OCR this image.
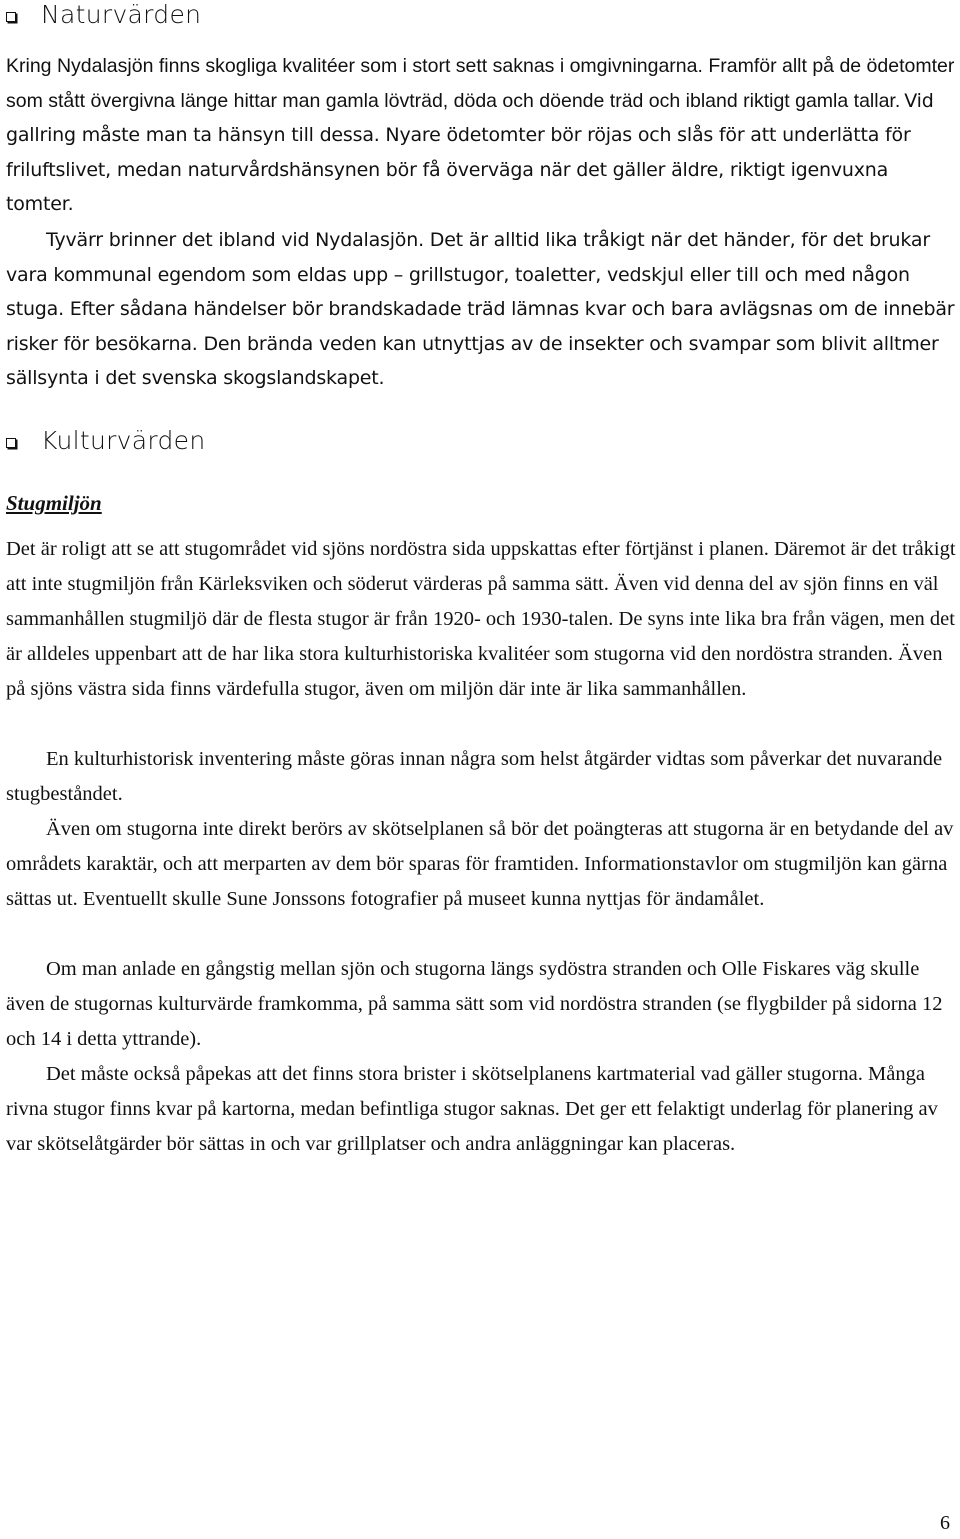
Naturvärden

Kring Nydalasjön finns skogliga kvalitéer som i stort sett saknas i omgivningarna. Framför allt på de ödetomter som stått övergivna länge hittar man gamla lövträd, döda och döende träd och ibland riktigt gamla tallar. Vid gallring måste man ta hänsyn till dessa. Nyare ödetomter bör röjas och slås för att underlätta för friluftslivet, medan naturvårdshänsynen bör få överväga när det gäller äldre, riktigt igenvuxna tomter.

Tyvärr brinner det ibland vid Nydalasjön. Det är alltid lika tråkigt när det händer, för det brukar vara kommunal egendom som eldas upp – grillstugor, toaletter, vedskjul eller till och med någon stuga. Efter sådana händelser bör brandskadade träd lämnas kvar och bara avlägsnas om de innebär risker för besökarna. Den brända veden kan utnyttjas av de insekter och svampar som blivit alltmer sällsynta i det svenska skogslandskapet.

Kulturvärden
Stugmiljön

Det är roligt att se att stugområdet vid sjöns nordöstra sida uppskattas efter förtjänst i planen. Däremot är det tråkigt att inte stugmiljön från Kärleksviken och söderut värderas på samma sätt. Även vid denna del av sjön finns en väl sammanhållen stugmiljö där de flesta stugor är från 1920- och 1930-talen. De syns inte lika bra från vägen, men det är alldeles uppenbart att de har lika stora kulturhistoriska kvalitéer som stugorna vid den nordöstra stranden. Även på sjöns västra sida finns värdefulla stugor, även om miljön där inte är lika sammanhållen.

En kulturhistorisk inventering måste göras innan några som helst åtgärder vidtas som påverkar det nuvarande stugbeståndet.

Även om stugorna inte direkt berörs av skötselplanen så bör det poängteras att stugorna är en betydande del av områdets karaktär, och att merparten av dem bör sparas för framtiden. Informationstavlor om stugmiljön kan gärna sättas ut. Eventuellt skulle Sune Jonssons fotografier på museet kunna nyttjas för ändamålet.

Om man anlade en gångstig mellan sjön och stugorna längs sydöstra stranden och Olle Fiskares väg skulle även de stugornas kulturvärde framkomma, på samma sätt som vid nordöstra stranden (se flygbilder på sidorna 12 och 14 i detta yttrande).

Det måste också påpekas att det finns stora brister i skötselplanens kartmaterial vad gäller stugorna. Många rivna stugor finns kvar på kartorna, medan befintliga stugor saknas. Det ger ett felaktigt underlag för planering av var skötselåtgärder bör sättas in och var grillplatser och andra anläggningar kan placeras.

6
